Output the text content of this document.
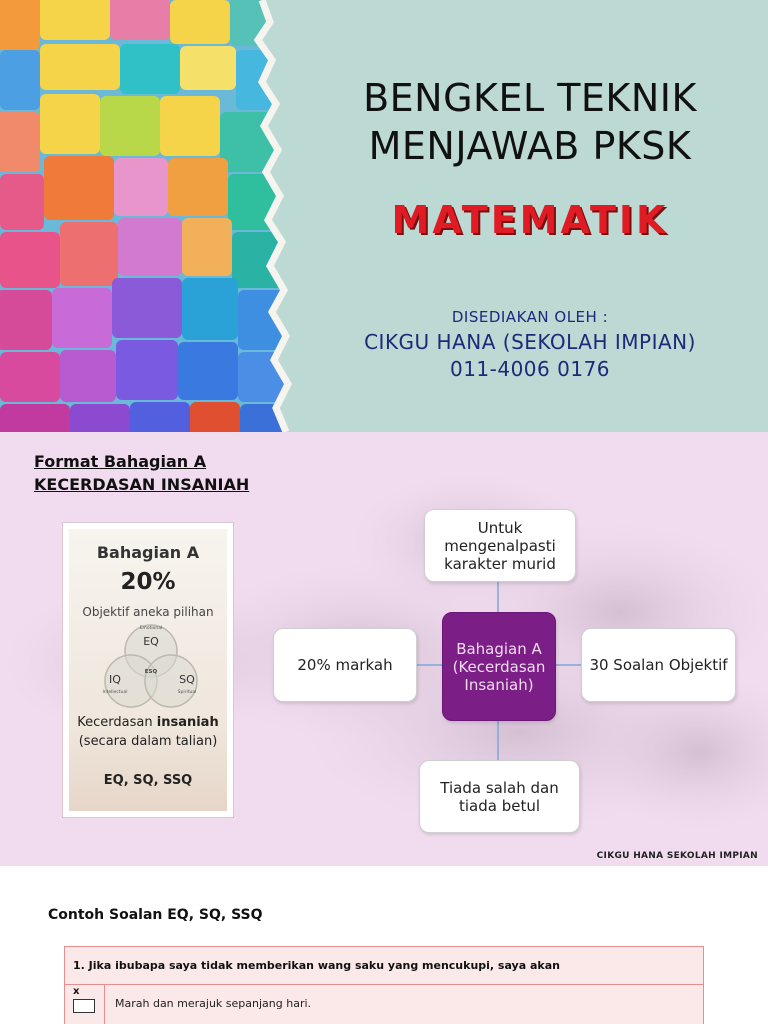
BENGKEL TEKNIK
MENJAWAB PKSK
MATEMATIK
DISEDIAKAN OLEH :
CIKGU HANA (SEKOLAH IMPIAN)
011-4006 0176
Format Bahagian A
KECERDASAN INSANIAH
Bahagian A
20%
Objektif aneka pilihan
Emotional
EQ
IQ
Intellectual
SQ
Spiritual
ESQ
Kecerdasan insaniah
(secara dalam talian)
EQ, SQ, SSQ
Untuk mengenalpasti karakter murid
20% markah
Bahagian A (Kecerdasan Insaniah)
30 Soalan Objektif
Tiada salah dan tiada betul
CIKGU HANA SEKOLAH IMPIAN
Contoh Soalan EQ, SQ, SSQ
1. Jika ibubapa saya tidak memberikan wang saku yang mencukupi, saya akan
x
Marah dan merajuk sepanjang hari.
